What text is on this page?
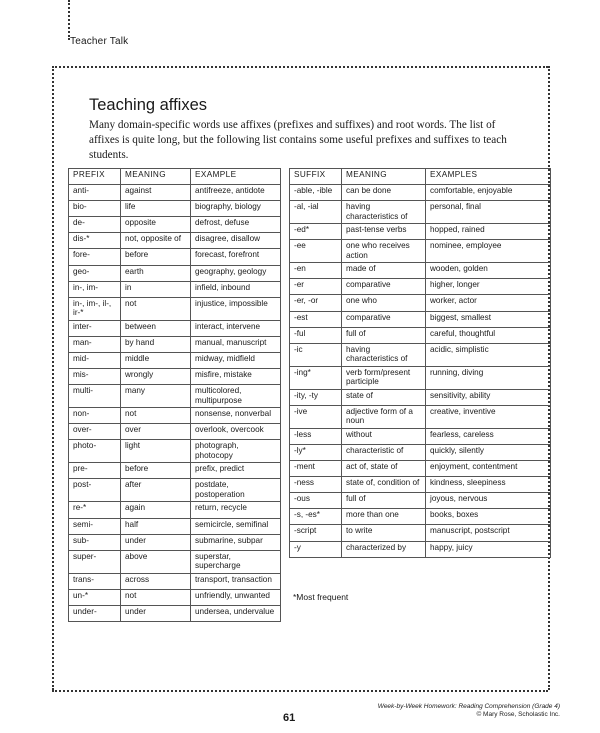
Teacher Talk
Teaching affixes

Many domain-specific words use affixes (prefixes and suffixes) and root words. The list of affixes is quite long, but the following list contains some useful prefixes and suffixes to teach students.

PREFIX	MEANING	EXAMPLE
anti-	against	antifreeze, antidote
bio-	life	biography, biology
de-	opposite	defrost, defuse
dis-*	not, opposite of	disagree, disallow
fore-	before	forecast, forefront
geo-	earth	geography, geology
in-, im-	in	infield, inbound
in-, im-, il-, ir-*	not	injustice, impossible
inter-	between	interact, intervene
man-	by hand	manual, manuscript
mid-	middle	midway, midfield
mis-	wrongly	misfire, mistake
multi-	many	multicolored, multipurpose
non-	not	nonsense, nonverbal
over-	over	overlook, overcook
photo-	light	photograph, photocopy
pre-	before	prefix, predict
post-	after	postdate, postoperation
re-*	again	return, recycle
semi-	half	semicircle, semifinal
sub-	under	submarine, subpar
super-	above	superstar, supercharge
trans-	across	transport, transaction
un-*	not	unfriendly, unwanted
under-	under	undersea, undervalue
SUFFIX	MEANING	EXAMPLES
-able, -ible	can be done	comfortable, enjoyable
-al, -ial	having characteristics of	personal, final
-ed*	past-tense verbs	hopped, rained
-ee	one who receives action	nominee, employee
-en	made of	wooden, golden
-er	comparative	higher, longer
-er, -or	one who	worker, actor
-est	comparative	biggest, smallest
-ful	full of	careful, thoughtful
-ic	having characteristics of	acidic, simplistic
-ing*	verb form/present participle	running, diving
-ity, -ty	state of	sensitivity, ability
-ive	adjective form of a noun	creative, inventive
-less	without	fearless, careless
-ly*	characteristic of	quickly, silently
-ment	act of, state of	enjoyment, contentment
-ness	state of, condition of	kindness, sleepiness
-ous	full of	joyous, nervous
-s, -es*	more than one	books, boxes
-script	to write	manuscript, postscript
-y	characterized by	happy, juicy
*Most frequent
61
Week-by-Week Homework: Reading Comprehension (Grade 4)
© Mary Rose, Scholastic Inc.
